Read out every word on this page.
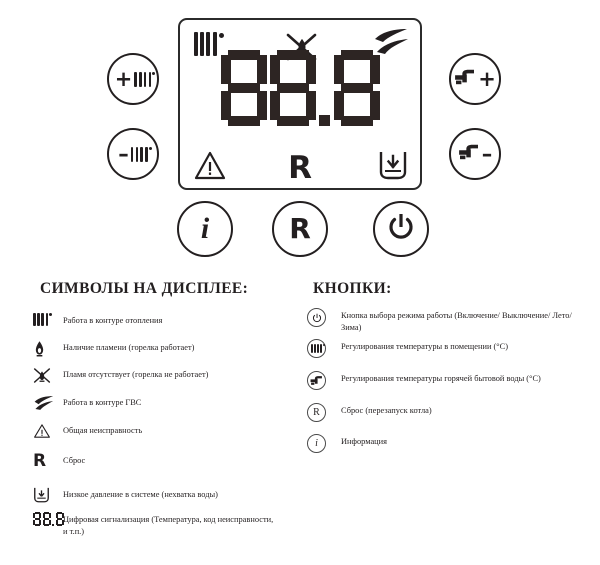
R
+
–
+
–
i	R
СИМВОЛЫ НА ДИСПЛЕЕ:	КНОПКИ:
Работа в контуре отопления
Наличие пламени (горелка работает)
Пламя отсутствует (горелка не работает)
Работа в контуре ГВС
Общая неисправность
R Сброс
Низкое давление в системе (нехватка воды)
Цифровая сигнализация (Температура, код неисправности, и т.п.)
Кнопка выбора режима работы (Включение/ Выключение/ Лето/Зима)
Регулирования температуры в помещении (°С)
Регулирования температуры горячей бытовой воды (°С)
R	Сброс (перезапуск котла)
i	Информация
